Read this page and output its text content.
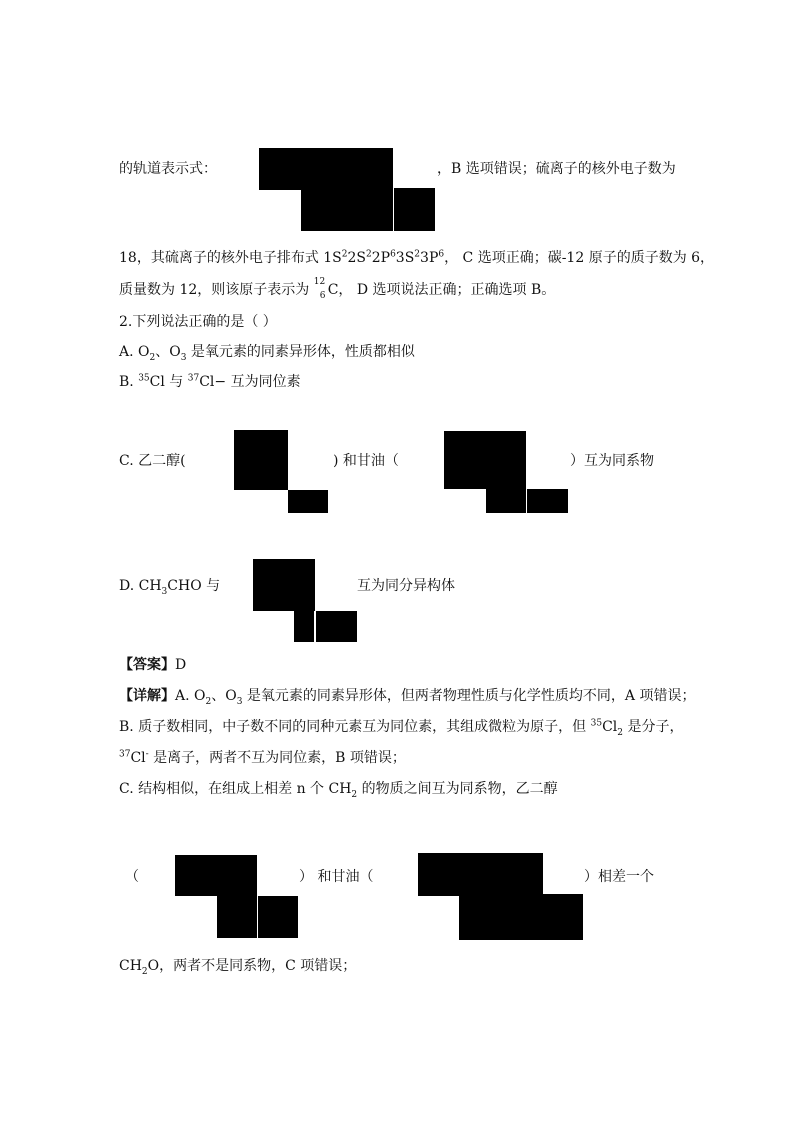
的轨道表示式：	，B 选项错误；硫离子的核外电子数为
18，其硫离子的核外电子排布式 $1S^22S^22P^63S^23P^6$， C 选项正确；碳-12 原子的质子数为 6，
质量数为 12，则该原子表示为 12
6 C， D 选项说法正确；正确选项 B。
2.下列说法正确的是（ ）
A. $O_2$、$O_3$ 是氧元素的同素异形体，性质都相似
B. $^{35}$Cl 与 $^{37}$Cl− 互为同位素
C. 乙二醇(	) 和甘油（	）互为同系物
D. $CH_3CHO$ 与	互为同分异构体
【答案】D
【详解】A. $O_2$、$O_3$ 是氧元素的同素异形体，但两者物理性质与化学性质均不同，A 项错误；
B. 质子数相同，中子数不同的同种元素互为同位素，其组成微粒为原子，但 $^{35}Cl_2$ 是分子，
$^{37}$Cl- 是离子，两者不互为同位素，B 项错误；
C. 结构相似，在组成上相差 n 个 $CH_2$ 的物质之间互为同系物，乙二醇
（	） 和甘油（	）相差一个
$CH_2O$，两者不是同系物，C 项错误；
